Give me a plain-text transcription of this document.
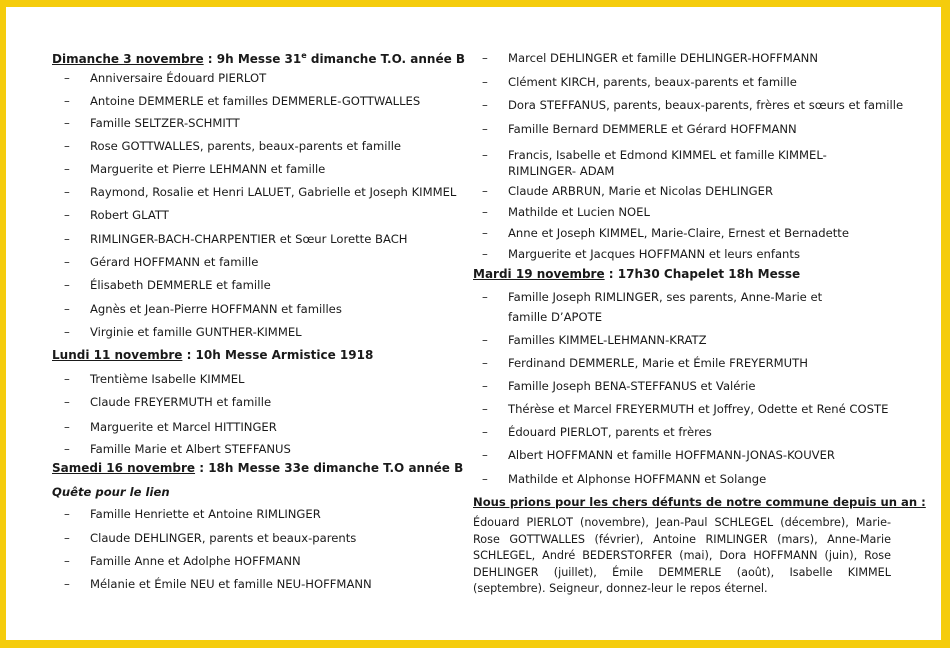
Dimanche 3 novembre : 9h Messe 31e dimanche T.O. année B
– Anniversaire Édouard PIERLOT
– Antoine DEMMERLE et familles DEMMERLE-GOTTWALLES
– Famille SELTZER-SCHMITT
– Rose GOTTWALLES, parents, beaux-parents et famille
– Marguerite et Pierre LEHMANN et famille
– Raymond, Rosalie et Henri LALUET, Gabrielle et Joseph KIMMEL
– Robert GLATT
– RIMLINGER-BACH-CHARPENTIER et Sœur Lorette BACH
– Gérard HOFFMANN et famille
– Élisabeth DEMMERLE et famille
– Agnès et Jean-Pierre HOFFMANN et familles
– Virginie et famille GUNTHER-KIMMEL
Lundi 11 novembre : 10h Messe Armistice 1918
– Trentième Isabelle KIMMEL
– Claude FREYERMUTH et famille
– Marguerite et Marcel HITTINGER
– Famille Marie et Albert STEFFANUS
Samedi 16 novembre : 18h Messe 33e dimanche T.O année B
Quête pour le lien
– Famille Henriette et Antoine RIMLINGER
– Claude DEHLINGER, parents et beaux-parents
– Famille Anne et Adolphe HOFFMANN
– Mélanie et Émile NEU et famille NEU-HOFFMANN
– Marcel DEHLINGER et famille DEHLINGER-HOFFMANN
– Clément KIRCH, parents, beaux-parents et famille
– Dora STEFFANUS, parents, beaux-parents, frères et sœurs et famille
– Famille Bernard DEMMERLE et Gérard HOFFMANN
– Francis, Isabelle et Edmond KIMMEL et famille KIMMEL-
RIMLINGER- ADAM
– Claude ARBRUN, Marie et Nicolas DEHLINGER
– Mathilde et Lucien NOEL
– Anne et Joseph KIMMEL, Marie-Claire, Ernest et Bernadette
– Marguerite et Jacques HOFFMANN et leurs enfants
Mardi 19 novembre : 17h30 Chapelet 18h Messe
– Famille Joseph RIMLINGER, ses parents, Anne-Marie et
famille D’APOTE
– Familles KIMMEL-LEHMANN-KRATZ
– Ferdinand DEMMERLE, Marie et Émile FREYERMUTH
– Famille Joseph BENA-STEFFANUS et Valérie
– Thérèse et Marcel FREYERMUTH et Joffrey, Odette et René COSTE
– Édouard PIERLOT, parents et frères
– Albert HOFFMANN et famille HOFFMANN-JONAS-KOUVER
– Mathilde et Alphonse HOFFMANN et Solange
Nous prions pour les chers défunts de notre commune depuis un an :
Édouard PIERLOT (novembre), Jean-Paul SCHLEGEL (décembre), Marie-Rose GOTTWALLES (février), Antoine RIMLINGER (mars), Anne-Marie SCHLEGEL, André BEDERSTORFER (mai), Dora HOFFMANN (juin), Rose DEHLINGER (juillet), Émile DEMMERLE (août), Isabelle KIMMEL (septembre). Seigneur, donnez-leur le repos éternel.
